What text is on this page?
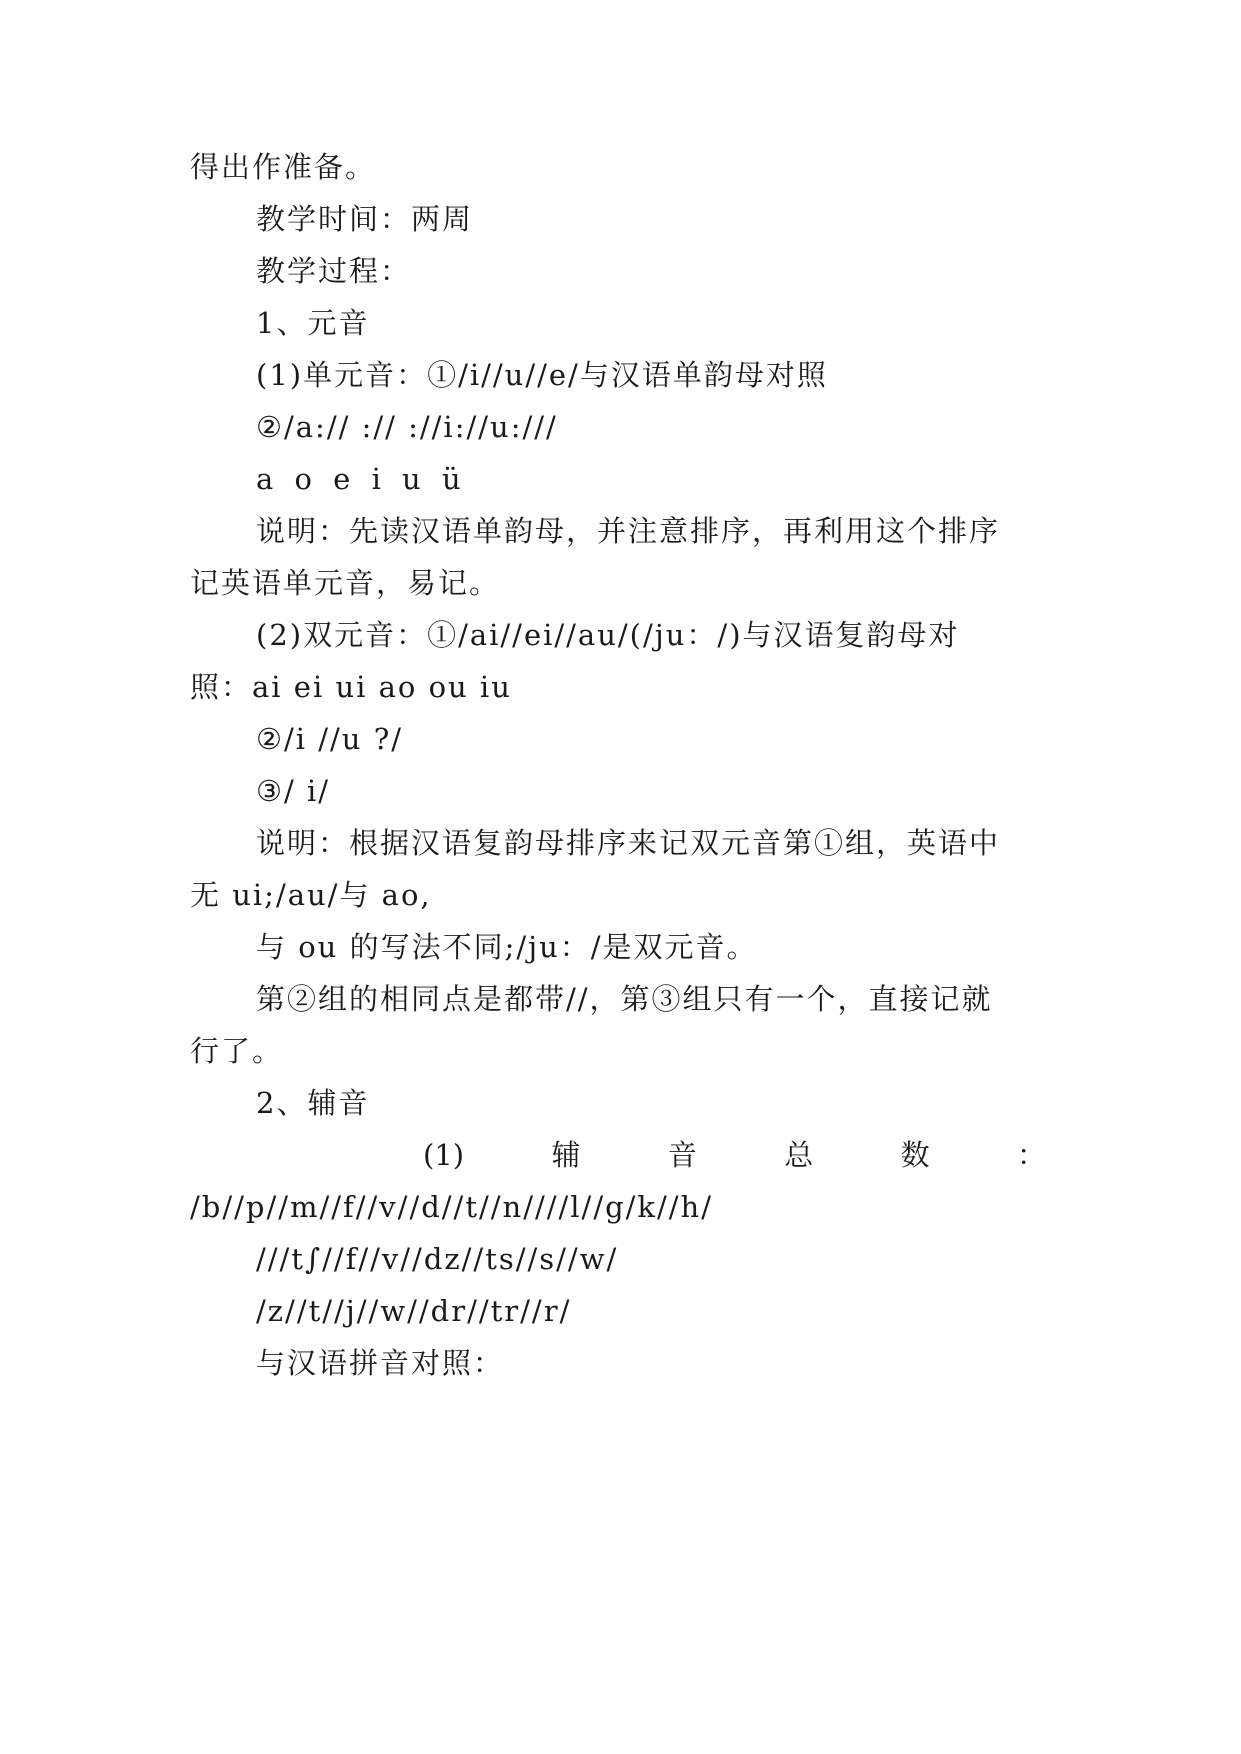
得出作准备。
教学时间：两周
教学过程：
1、元音
(1)单元音：①/i//u//e/与汉语单韵母对照
②/a:// :// ://i://u:///
a o e i u ü
说明：先读汉语单韵母，并注意排序，再利用这个排序
记英语单元音，易记。
(2)双元音：①/ai//ei//au/(/ju：/)与汉语复韵母对
照：ai ei ui ao ou iu
②/i //u ?/
③/ i/
说明：根据汉语复韵母排序来记双元音第①组，英语中
无 ui;/au/与 ao,
与 ou 的写法不同;/ju：/是双元音。
第②组的相同点是都带//，第③组只有一个，直接记就
行了。
2、辅音
(1)	辅	音	总	数	：
/b//p//m//f//v//d//t//n////l//g/k//h/
///t∫//f//v//dz//ts//s//w/
/z//t//j//w//dr//tr//r/
与汉语拼音对照：
